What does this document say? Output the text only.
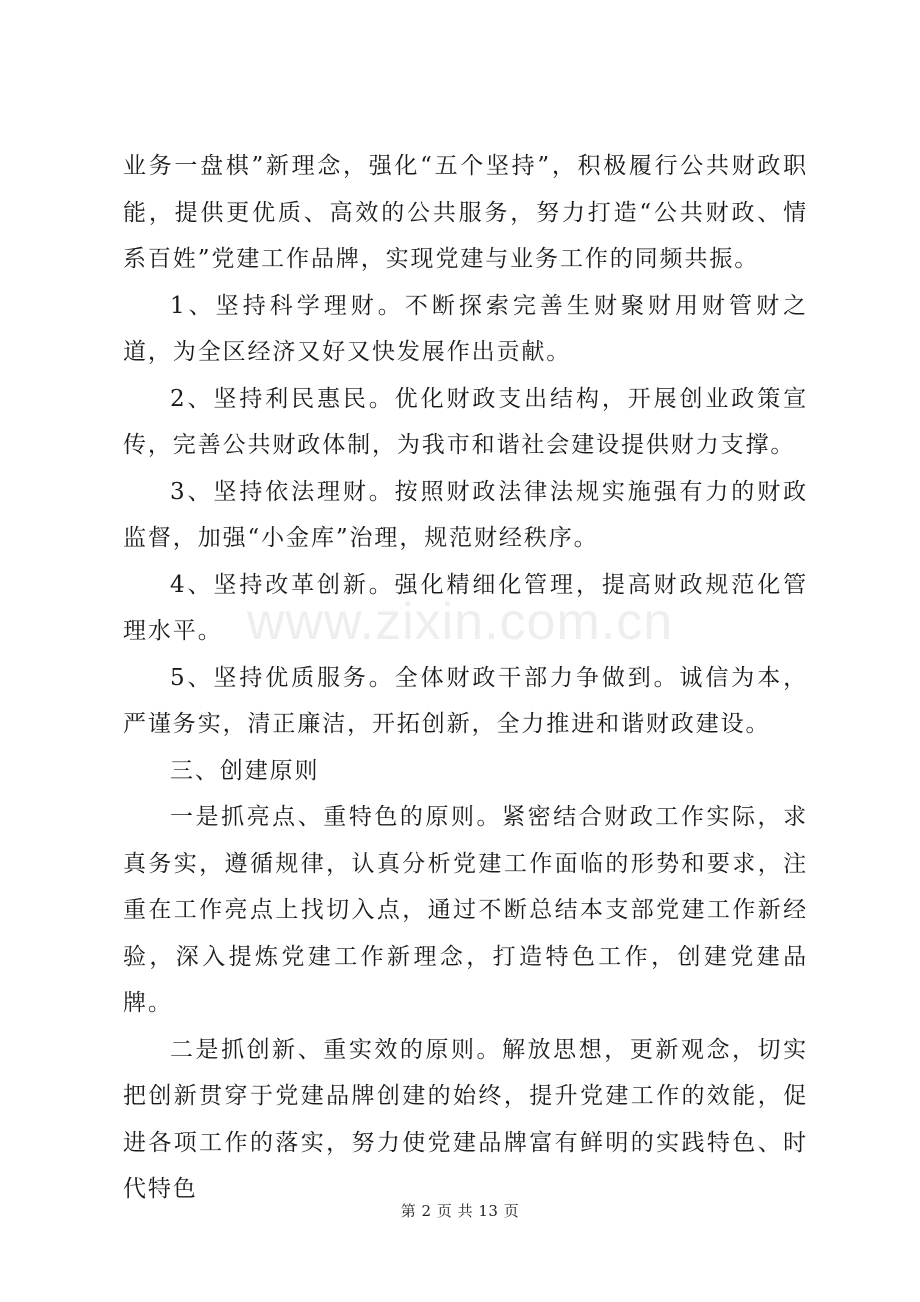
业务一盘棋”新理念，强化“五个坚持”，积极履行公共财政职能，提供更优质、高效的公共服务，努力打造“公共财政、情系百姓”党建工作品牌，实现党建与业务工作的同频共振。

1、坚持科学理财。不断探索完善生财聚财用财管财之道，为全区经济又好又快发展作出贡献。

2、坚持利民惠民。优化财政支出结构，开展创业政策宣传，完善公共财政体制，为我市和谐社会建设提供财力支撑。

3、坚持依法理财。按照财政法律法规实施强有力的财政监督，加强“小金库”治理，规范财经秩序。

4、坚持改革创新。强化精细化管理，提高财政规范化管理水平。

5、坚持优质服务。全体财政干部力争做到。诚信为本，严谨务实，清正廉洁，开拓创新，全力推进和谐财政建设。

三、创建原则

一是抓亮点、重特色的原则。紧密结合财政工作实际，求真务实，遵循规律，认真分析党建工作面临的形势和要求，注重在工作亮点上找切入点，通过不断总结本支部党建工作新经验，深入提炼党建工作新理念，打造特色工作，创建党建品牌。

二是抓创新、重实效的原则。解放思想，更新观念，切实把创新贯穿于党建品牌创建的始终，提升党建工作的效能，促进各项工作的落实，努力使党建品牌富有鲜明的实践特色、时代特色

www.zixin.com.cn
第 2 页 共 13 页
